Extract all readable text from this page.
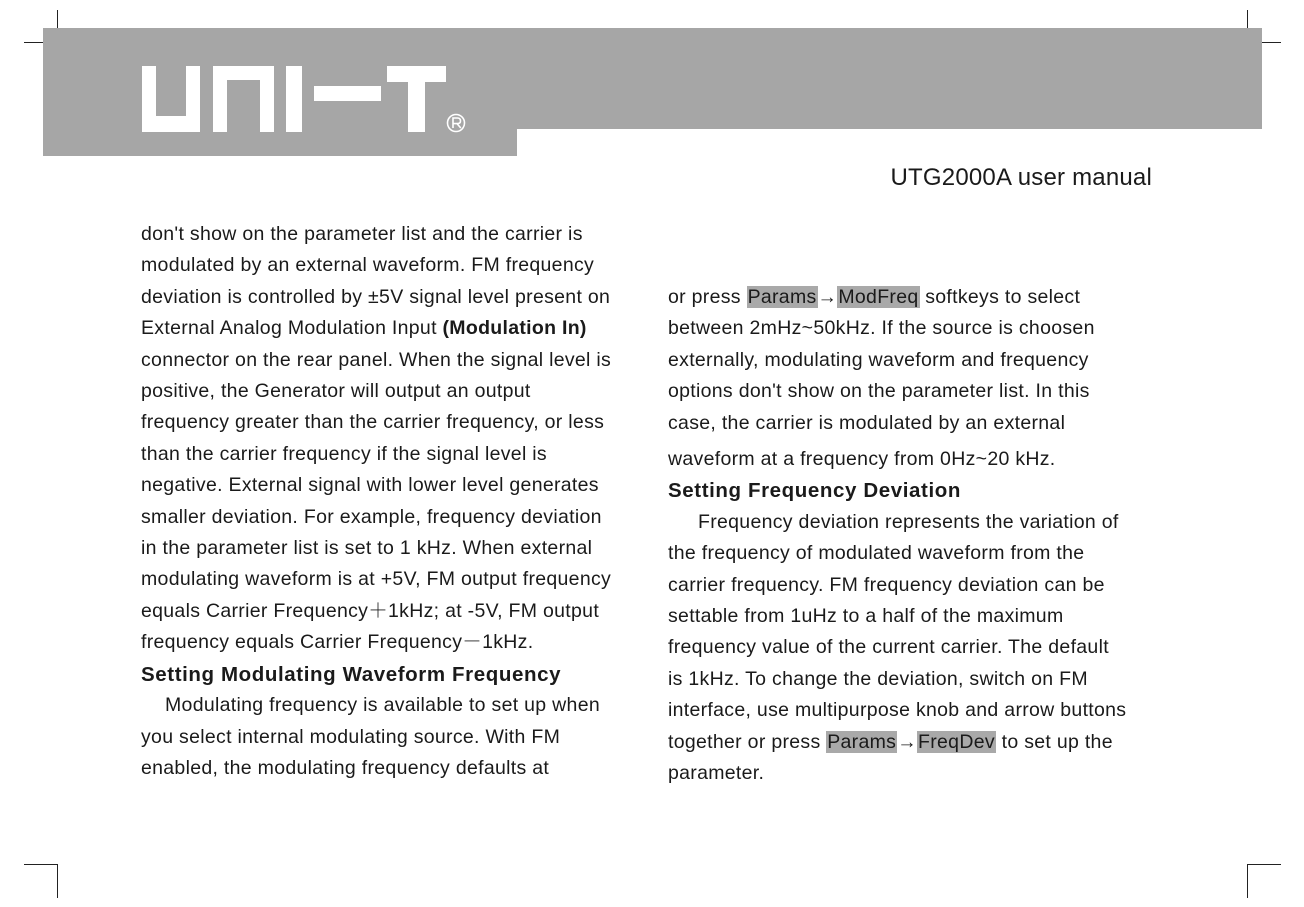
UTG2000A user manual
don't show on the parameter list and the carrier is
modulated by an external waveform. FM frequency
deviation is controlled by ±5V signal level present on
External Analog Modulation Input (Modulation In)
connector on the rear panel. When the signal level is
positive, the Generator will output an output
frequency greater than the carrier frequency, or less
than the carrier frequency if the signal level is
negative. External signal with lower level generates
smaller deviation. For example, frequency deviation
in the parameter list is set to 1 kHz. When external
modulating waveform is at +5V, FM output frequency
equals Carrier Frequency＋1kHz; at -5V, FM output
frequency equals Carrier Frequency－1kHz.
Setting Modulating Waveform Frequency
Modulating frequency is available to set up when
you select internal modulating source. With FM
enabled, the modulating frequency defaults at
or press Params→ModFreq softkeys to select
between 2mHz~50kHz. If the source is choosen
externally, modulating waveform and frequency
options don't show on the parameter list. In this
case, the carrier is modulated by an external
waveform at a frequency from 0Hz~20 kHz.
Setting Frequency Deviation
Frequency deviation represents the variation of
the frequency of modulated waveform from the
carrier frequency. FM frequency deviation can be
settable from 1uHz to a half of the maximum
frequency value of the current carrier. The default
is 1kHz. To change the deviation, switch on FM
interface, use multipurpose knob and arrow buttons
together or press Params→FreqDev to set up the
parameter.
